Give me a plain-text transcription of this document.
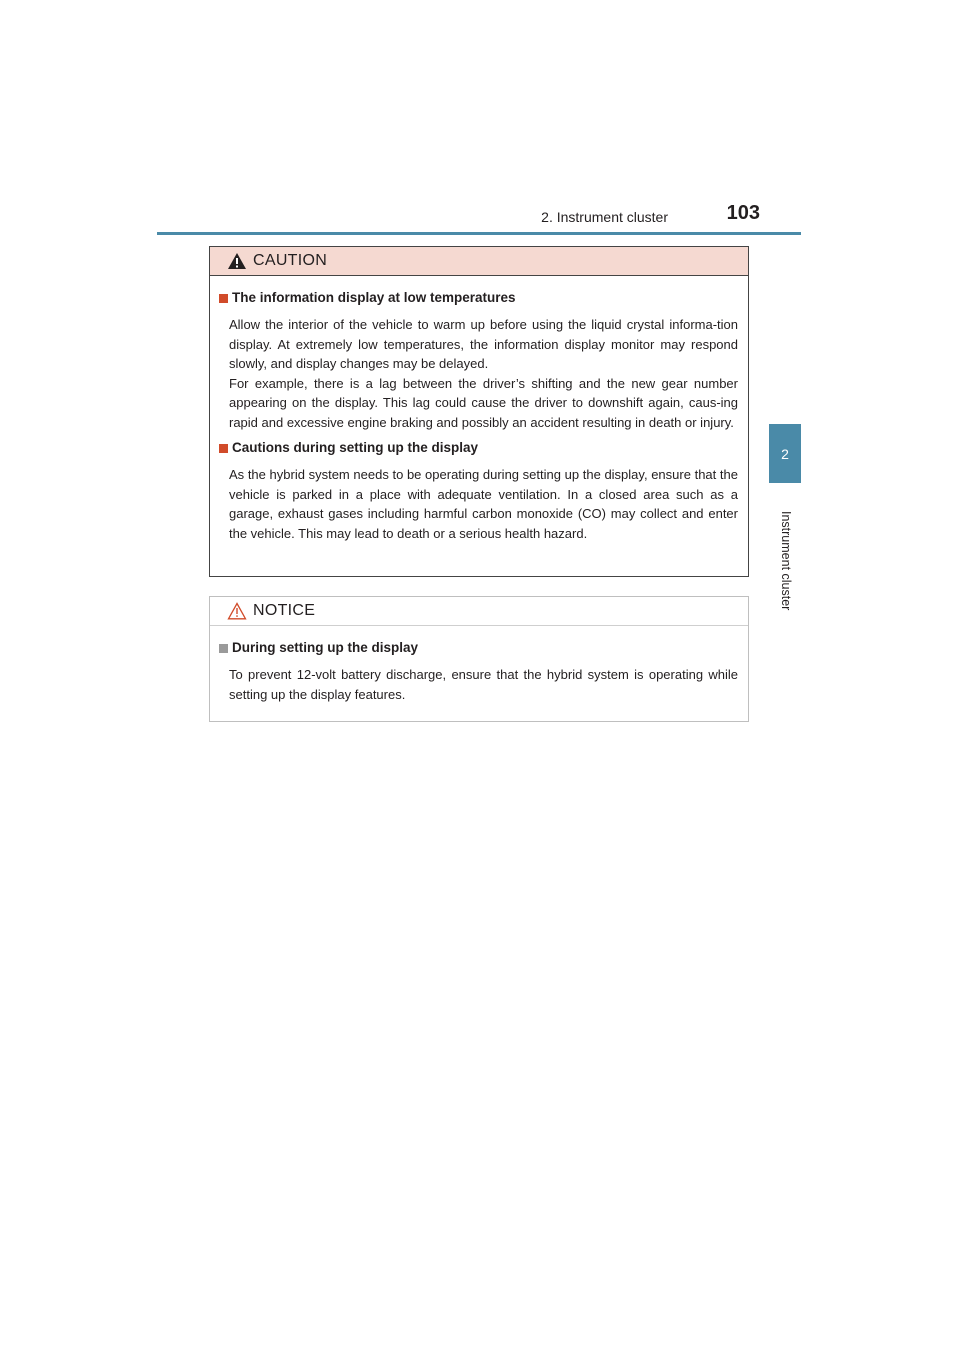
2. Instrument cluster	103
2
Instrument cluster
CAUTION
The information display at low temperatures

Allow the interior of the vehicle to warm up before using the liquid crystal informa-tion display. At extremely low temperatures, the information display monitor may respond slowly, and display changes may be delayed.

For example, there is a lag between the driver’s shifting and the new gear number appearing on the display. This lag could cause the driver to downshift again, caus-ing rapid and excessive engine braking and possibly an accident resulting in death or injury.

Cautions during setting up the display

As the hybrid system needs to be operating during setting up the display, ensure that the vehicle is parked in a place with adequate ventilation. In a closed area such as a garage, exhaust gases including harmful carbon monoxide (CO) may collect and enter the vehicle. This may lead to death or a serious health hazard.

NOTICE
During setting up the display

To prevent 12-volt battery discharge, ensure that the hybrid system is operating while setting up the display features.
